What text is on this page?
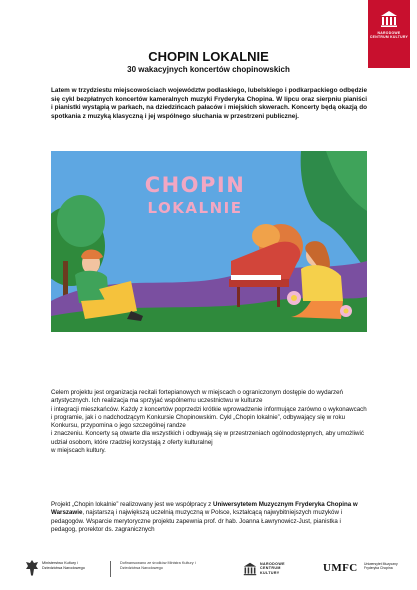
NARODOWE CENTRUM KULTURY
CHOPIN LOKALNIE
30 wakacyjnych koncertów chopinowskich
Latem w trzydziestu miejscowościach województw podlaskiego, lubelskiego i podkarpackiego odbędzie się cykl bezpłatnych koncertów kameralnych muzyki Fryderyka Chopina. W lipcu oraz sierpniu pianiści i pianistki wystąpią w parkach, na dziedzińcach pałaców i miejskich skwerach. Koncerty będą okazją do spotkania z muzyką klasyczną i jej wspólnego słuchania w przestrzeni publicznej.
CHOPIN
LOKALNIE
Celem projektu jest organizacja recitali fortepianowych w miejscach o ograniczonym dostępie do wydarzeń artystycznych. Ich realizacja ma sprzyjać wspólnemu uczestnictwu w kulturze
i integracji mieszkańców. Każdy z koncertów poprzedzi krótkie wprowadzenie informujące zarówno o wykonawcach i programie, jak i o nadchodzącym Konkursie Chopinowskim. Cykl „Chopin lokalnie”, odbywający się w roku Konkursu, przypomina o jego szczególnej randze
i znaczeniu. Koncerty są otwarte dla wszystkich i odbywają się w przestrzeniach ogólnodostępnych, aby umożliwić udział osobom, które rzadziej korzystają z oferty kulturalnej
w miejscach kultury.
Projekt „Chopin lokalnie” realizowany jest we współpracy z Uniwersytetem Muzycznym Fryderyka Chopina w Warszawie, najstarszą i największą uczelnią muzyczną w Polsce, kształcącą najwybitniejszych muzyków i pedagogów. Wsparcie merytoryczne projektu zapewnia prof. dr hab. Joanna Ławrynowicz-Just, pianistka i pedagog, prorektor ds. zagranicznych
Ministerstwo Kultury i Dziedzictwa Narodowego
Dofinansowano ze środków Ministra Kultury i Dziedzictwa Narodowego
NARODOWE CENTRUM KULTURY	UMFC Uniwersytet Muzyczny Fryderyka Chopina
